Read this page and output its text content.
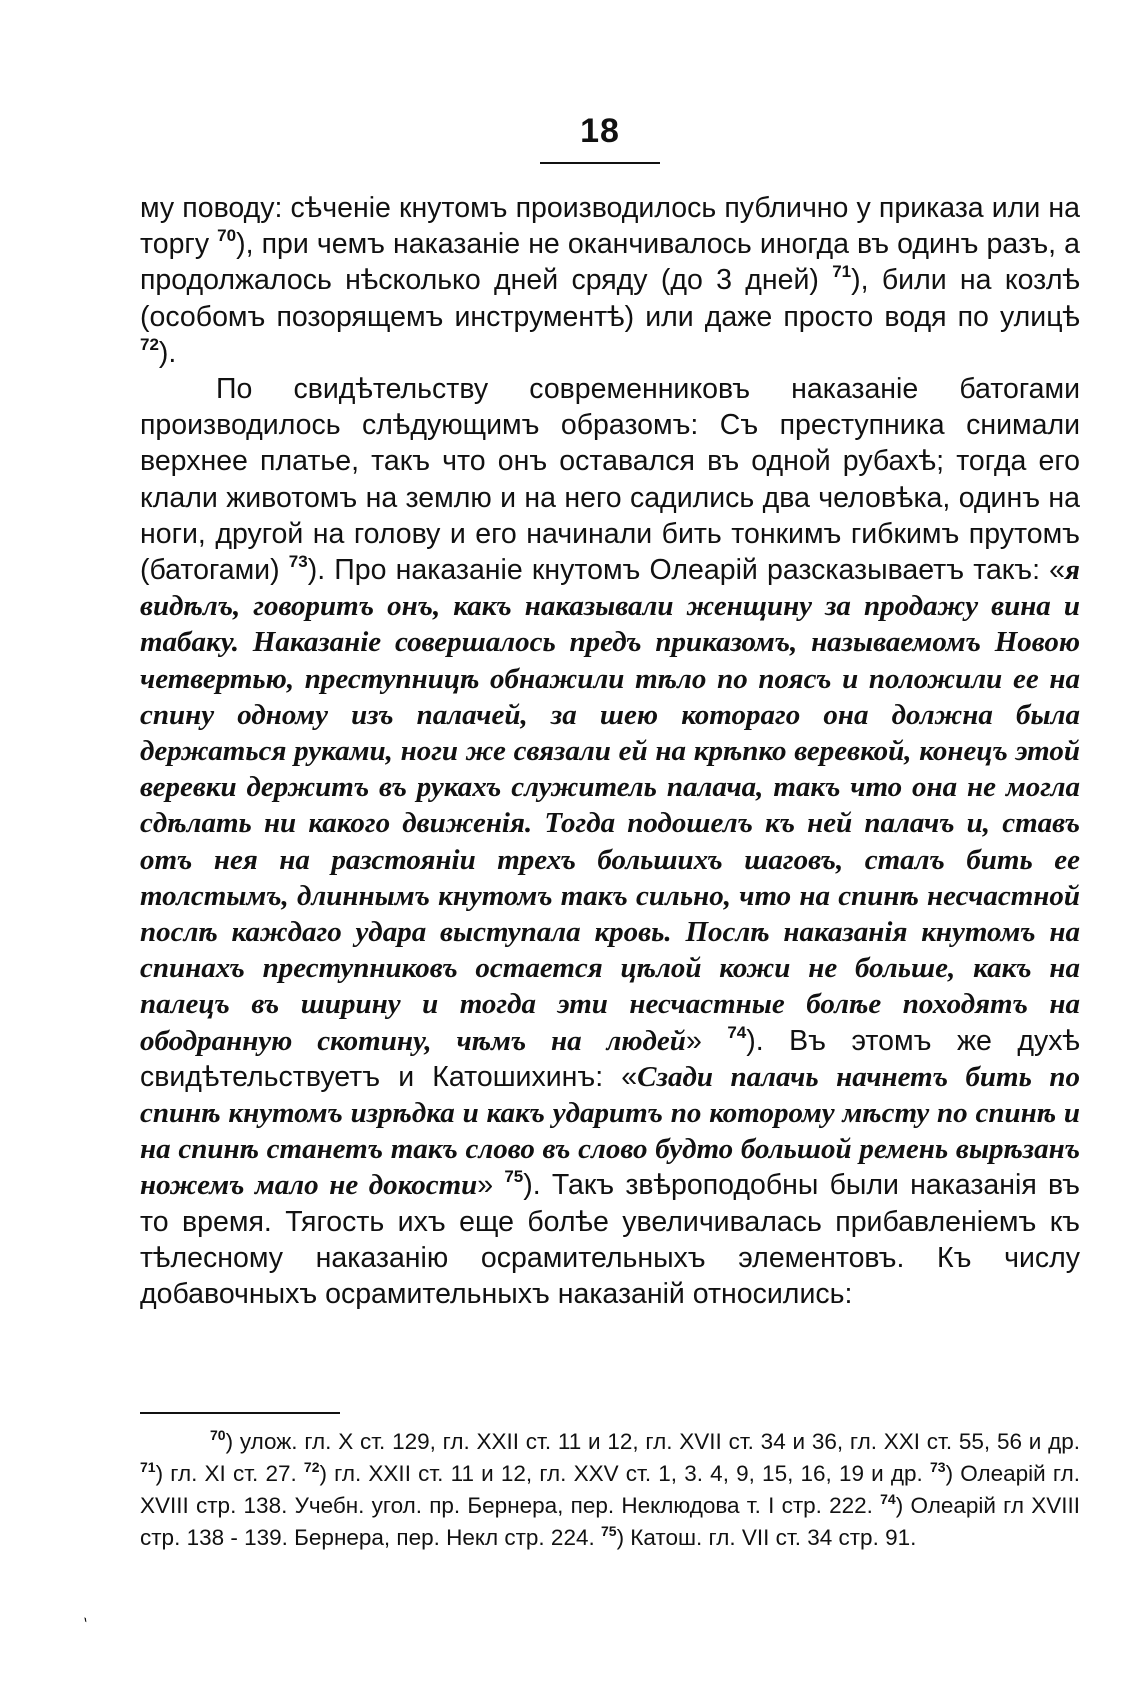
18

му поводу: сѣченіе кнутомъ производилось публично у приказа или на торгу $^{70}$), при чемъ наказаніе не оканчивалось иногда въ одинъ разъ, а продолжалось нѣсколько дней сряду (до 3 дней) $^{71}$), били на козлѣ (особомъ позорящемъ инструментѣ) или даже просто водя по улицѣ $^{72}$).

По свидѣтельству современниковъ наказаніе батогами производилось слѣдующимъ образомъ: Съ преступника снимали верхнее платье, такъ что онъ оставался въ одной рубахѣ; тогда его клали животомъ на землю и на него садились два человѣка, одинъ на ноги, другой на голову и его начинали бить тонкимъ гибкимъ прутомъ (батогами) $^{73}$). Про наказаніе кнутомъ Олеарій разсказываетъ такъ: «я видѣлъ, говоритъ онъ, какъ наказывали женщину за продажу вина и табаку. Наказаніе совершалось предъ приказомъ, называемомъ Новою четвертью, преступницѣ обнажили тѣло по поясъ и положили ее на спину одному изъ палачей, за шею котораго она должна была держаться руками, ноги же связали ей на крѣпко веревкой, конецъ этой веревки держитъ въ рукахъ служитель палача, такъ что она не могла сдѣлать ни какого движенія. Тогда подошелъ къ ней палачъ и, ставъ отъ нея на разстояніи трехъ большихъ шаговъ, сталъ бить ее толстымъ, длиннымъ кнутомъ такъ сильно, что на спинѣ несчастной послѣ каждаго удара выступала кровь. Послѣ наказанія кнутомъ на спинахъ преступниковъ остается цѣлой кожи не больше, какъ на палецъ въ ширину и тогда эти несчастные болѣе походятъ на ободранную скотину, чѣмъ на людей» $^{74}$). Въ этомъ же духѣ свидѣтельствуетъ и Катошихинъ: «Сзади палачь начнетъ бить по спинѣ кнутомъ изрѣдка и какъ ударитъ по которому мѣсту по спинѣ и на спинѣ станетъ такъ слово въ слово будто большой ремень вырѣзанъ ножемъ мало не докости» $^{75}$). Такъ звѣроподобны были наказанія въ то время. Тягость ихъ еще болѣе увеличивалась прибавленіемъ къ тѣлесному наказанію осрамительныхъ элементовъ. Къ числу добавочныхъ осрамительныхъ наказаній относились:

$^{70}$) улож. гл. X ст. 129, гл. XXII ст. 11 и 12, гл. XVII ст. 34 и 36, гл. XXI ст. 55, 56 и др. $^{71}$) гл. XI ст. 27. $^{72}$) гл. XXII ст. 11 и 12, гл. XXV ст. 1, 3. 4, 9, 15, 16, 19 и др. $^{73}$) Олеарій гл. XVIII стр. 138. Учебн. угол. пр. Бернера, пер. Неклюдова т. I стр. 222. $^{74}$) Олеарій гл XVIII стр. 138 - 139. Бернера, пер. Некл стр. 224. $^{75}$) Катош. гл. VII ст. 34 стр. 91.

ˋ
